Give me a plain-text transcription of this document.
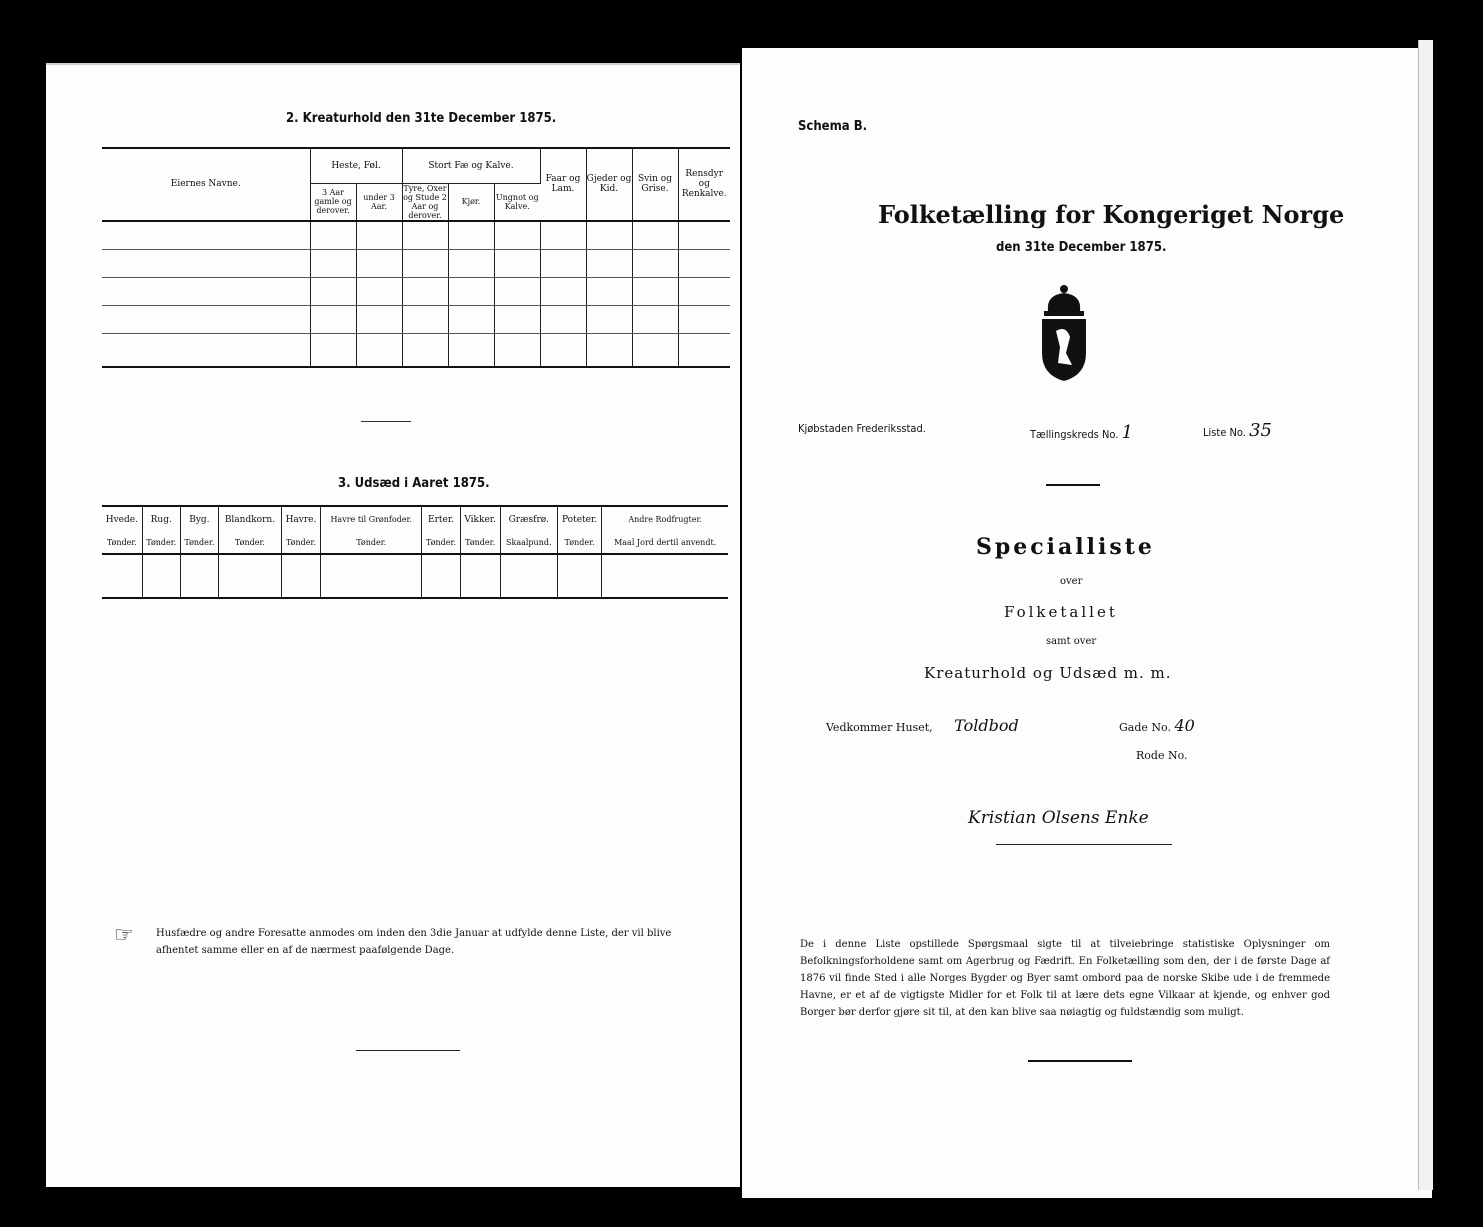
2. Kreaturhold den 31te December 1875.
Eiernes Navne.	Heste, Føl.		Stort Fæ og Kalve.			Faar og Lam.	Gjeder og Kid.	Svin og Grise.	Rensdyr og Renkalve.
	3 Aar gamle og derover.	under 3 Aar.	Tyre, Oxer og Stude 2 Aar og derover.	Kjør.	Ungnot og Kalve.				

3. Udsæd i Aaret 1875.
Hvede.	Rug.	Byg.	Blandkorn.	Havre.	Havre til Grønfoder.	Erter.	Vikker.	Græsfrø.	Poteter.	Andre Rodfrugter.
Tønder.	Tønder.	Tønder.	Tønder.	Tønder.	Tønder.	Tønder.	Tønder.	Skaalpund.	Tønder.	Maal Jord dertil anvendt.

☞ Husfædre og andre Foresatte anmodes om inden den 3die Januar at udfylde denne Liste, der vil blive afhentet samme eller en af de nærmest paafølgende Dage.
Schema B.
Folketælling for Kongeriget Norge
den 31te December 1875.
Kjøbstaden Frederiksstad.	Tællingskreds No. 1	Liste No. 35
Specialliste
over
Folketallet
samt over
Kreaturhold og Udsæd m. m.
Vedkommer Huset, Toldbod	Gade No. 40
Rode No.
Kristian Olsens Enke
De i denne Liste opstillede Spørgsmaal sigte til at tilveiebringe statistiske Oplysninger om Befolkningsforholdene samt om Agerbrug og Fædrift. En Folketælling som den, der i de første Dage af 1876 vil finde Sted i alle Norges Bygder og Byer samt ombord paa de norske Skibe ude i de fremmede Havne, er et af de vigtigste Midler for et Folk til at lære dets egne Vilkaar at kjende, og enhver god Borger bør derfor gjøre sit til, at den kan blive saa nøiagtig og fuldstændig som muligt.
